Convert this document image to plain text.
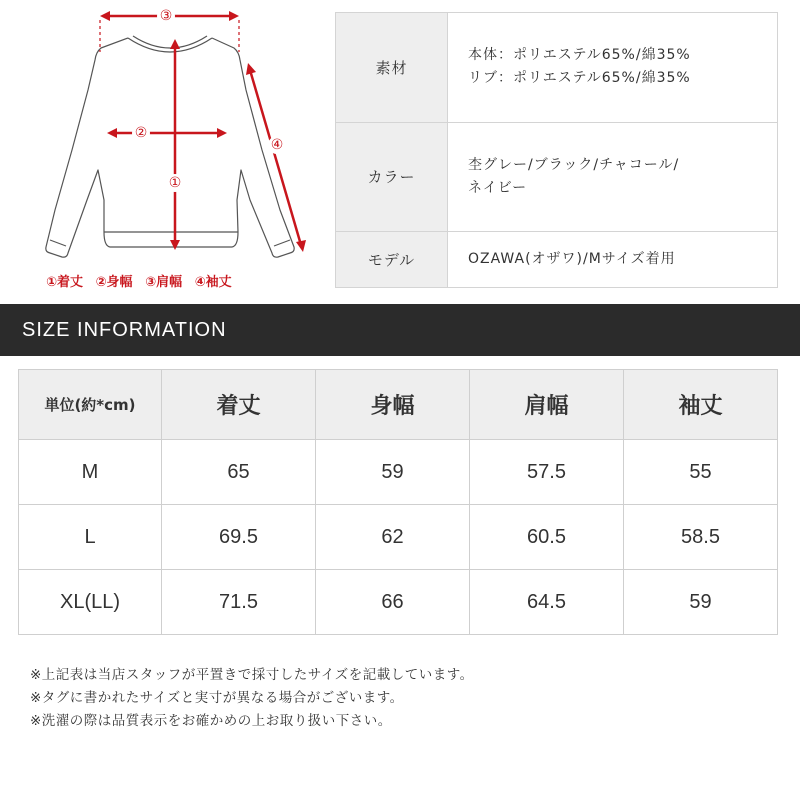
③
②
①
④
①着丈 ②身幅 ③肩幅 ④袖丈
素材	本体：ポリエステル65%/綿35%
リブ：ポリエステル65%/綿35%

カラー	杢グレー/ブラック/チャコール/
ネイビー

モデル	OZAWA(オザワ)/Mサイズ着用
SIZE INFORMATION
単位(約*cm)	着丈	身幅	肩幅	袖丈
M	65	59	57.5	55
L	69.5	62	60.5	58.5
XL(LL)	71.5	66	64.5	59

※上記表は当店スタッフが平置きで採寸したサイズを記載しています。

※タグに書かれたサイズと実寸が異なる場合がございます。

※洗濯の際は品質表示をお確かめの上お取り扱い下さい。
